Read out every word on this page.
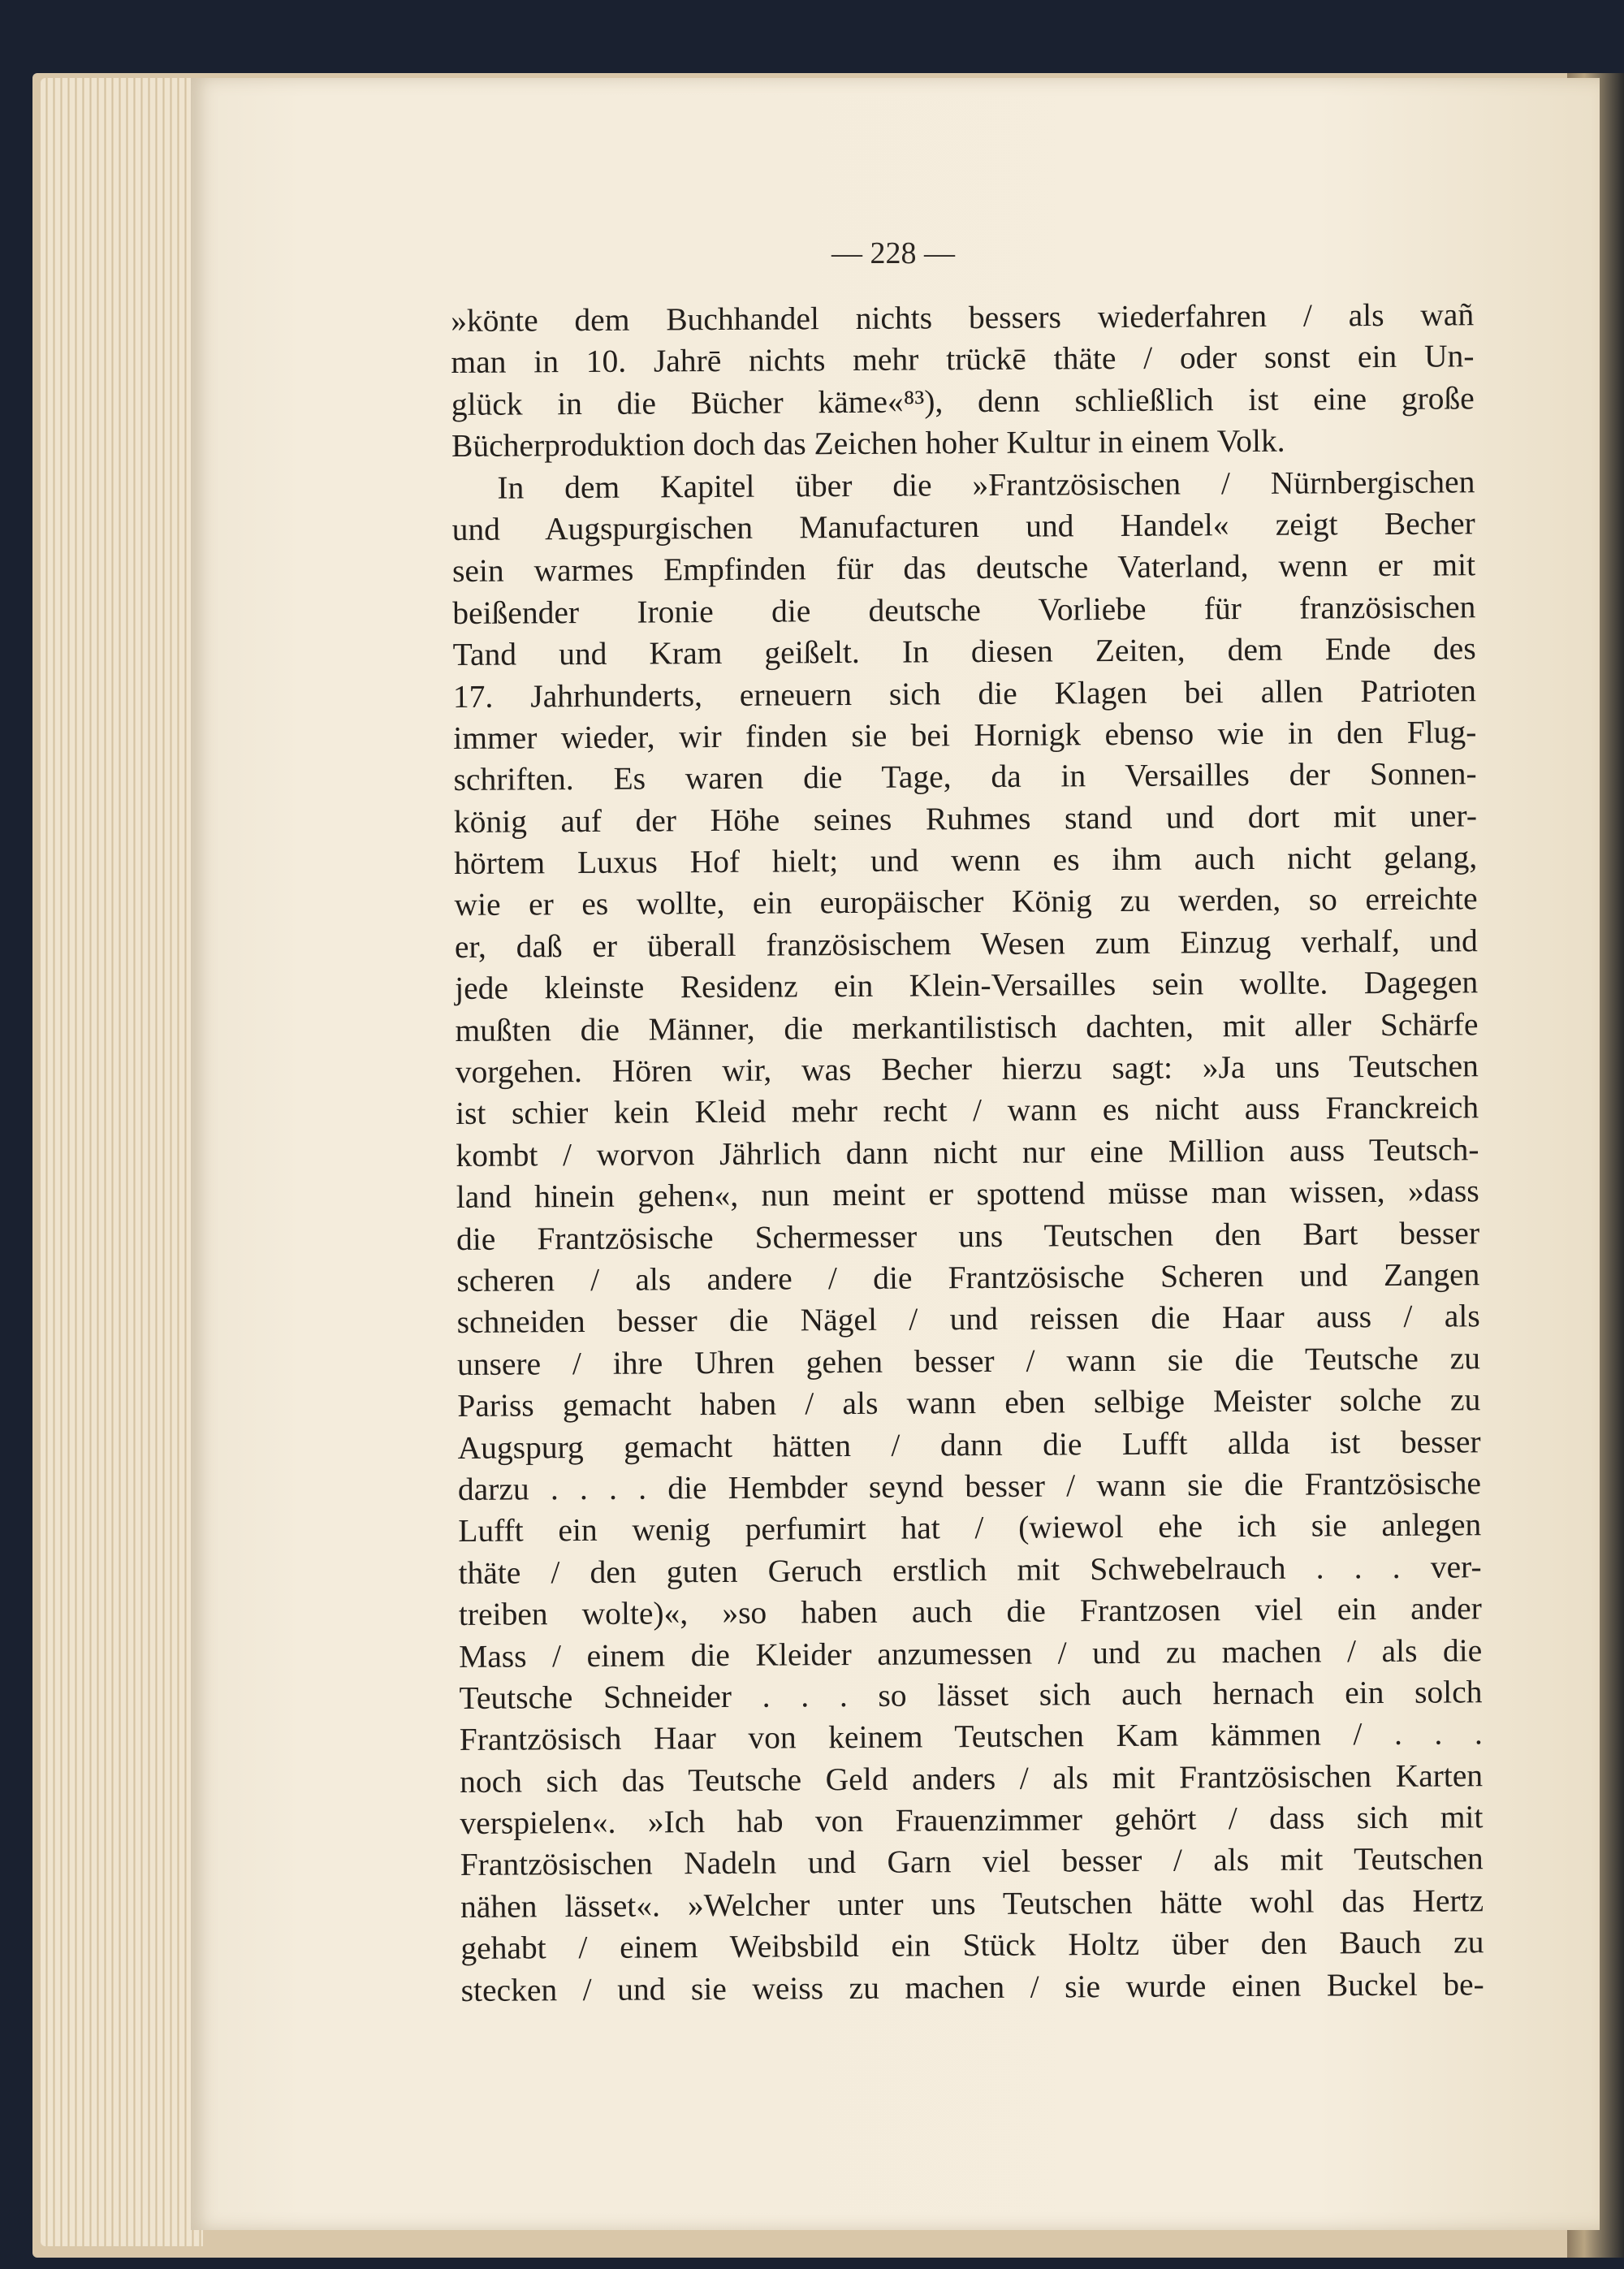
— 228 —
»könte dem Buchhandel nichts bessers wiederfahren / als wañ
man in 10. Jahrē nichts mehr trückē thäte / oder sonst ein Un-
glück in die Bücher käme«⁸³), denn schließlich ist eine große
Bücherproduktion doch das Zeichen hoher Kultur in einem Volk.
In dem Kapitel über die »Frantzösischen / Nürnbergischen
und Augspurgischen Manufacturen und Handel« zeigt Becher
sein warmes Empfinden für das deutsche Vaterland, wenn er mit
beißender Ironie die deutsche Vorliebe für französischen
Tand und Kram geißelt. In diesen Zeiten, dem Ende des
17. Jahrhunderts, erneuern sich die Klagen bei allen Patrioten
immer wieder, wir finden sie bei Hornigk ebenso wie in den Flug-
schriften. Es waren die Tage, da in Versailles der Sonnen-
könig auf der Höhe seines Ruhmes stand und dort mit uner-
hörtem Luxus Hof hielt; und wenn es ihm auch nicht gelang,
wie er es wollte, ein europäischer König zu werden, so erreichte
er, daß er überall französischem Wesen zum Einzug verhalf, und
jede kleinste Residenz ein Klein-Versailles sein wollte. Dagegen
mußten die Männer, die merkantilistisch dachten, mit aller Schärfe
vorgehen. Hören wir, was Becher hierzu sagt: »Ja uns Teutschen
ist schier kein Kleid mehr recht / wann es nicht auss Franckreich
kombt / worvon Jährlich dann nicht nur eine Million auss Teutsch-
land hinein gehen«, nun meint er spottend müsse man wissen, »dass
die Frantzösische Schermesser uns Teutschen den Bart besser
scheren / als andere / die Frantzösische Scheren und Zangen
schneiden besser die Nägel / und reissen die Haar auss / als
unsere / ihre Uhren gehen besser / wann sie die Teutsche zu
Pariss gemacht haben / als wann eben selbige Meister solche zu
Augspurg gemacht hätten / dann die Lufft allda ist besser
darzu . . . . die Hembder seynd besser / wann sie die Frantzösische
Lufft ein wenig perfumirt hat / (wiewol ehe ich sie anlegen
thäte / den guten Geruch erstlich mit Schwebelrauch . . . ver-
treiben wolte)«, »so haben auch die Frantzosen viel ein ander
Mass / einem die Kleider anzumessen / und zu machen / als die
Teutsche Schneider . . . so lässet sich auch hernach ein solch
Frantzösisch Haar von keinem Teutschen Kam kämmen / . . .
noch sich das Teutsche Geld anders / als mit Frantzösischen Karten
verspielen«. »Ich hab von Frauenzimmer gehört / dass sich mit
Frantzösischen Nadeln und Garn viel besser / als mit Teutschen
nähen lässet«. »Welcher unter uns Teutschen hätte wohl das Hertz
gehabt / einem Weibsbild ein Stück Holtz über den Bauch zu
stecken / und sie weiss zu machen / sie wurde einen Buckel be-
